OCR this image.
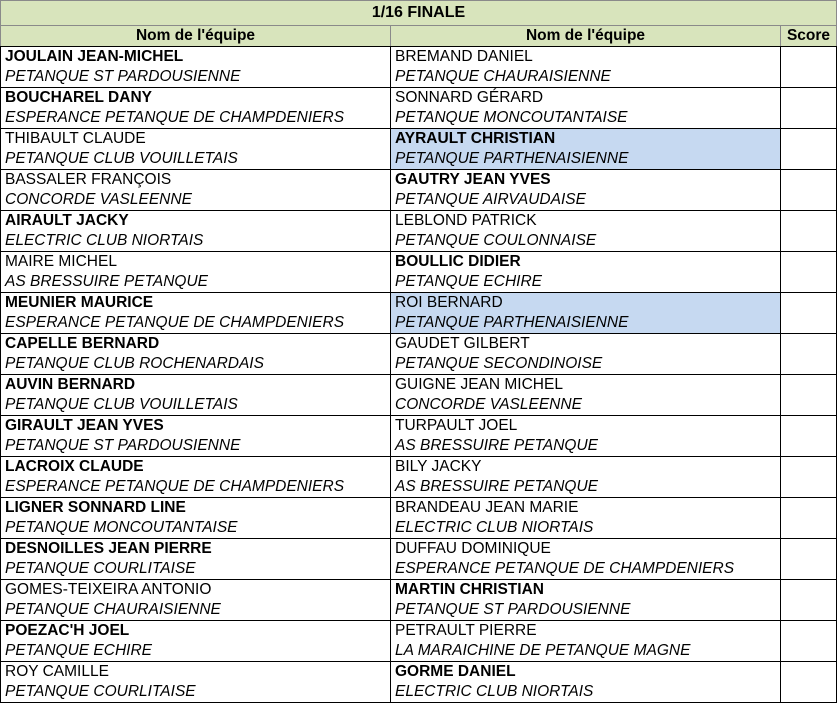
1/16 FINALE		
Nom de l'équipe	Nom de l'équipe	Score
JOULAIN JEAN-MICHEL	BREMAND DANIEL	
PETANQUE ST PARDOUSIENNE	PETANQUE CHAURAISIENNE	
BOUCHAREL DANY	SONNARD GÉRARD	
ESPERANCE PETANQUE DE CHAMPDENIERS	PETANQUE MONCOUTANTAISE	
THIBAULT CLAUDE	AYRAULT CHRISTIAN	
PETANQUE CLUB VOUILLETAIS	PETANQUE PARTHENAISIENNE	
BASSALER FRANÇOIS	GAUTRY JEAN YVES	
CONCORDE VASLEENNE	PETANQUE AIRVAUDAISE	
AIRAULT JACKY	LEBLOND PATRICK	
ELECTRIC CLUB NIORTAIS	PETANQUE COULONNAISE	
MAIRE MICHEL	BOULLIC DIDIER	
AS BRESSUIRE PETANQUE	PETANQUE ECHIRE	
MEUNIER MAURICE	ROI BERNARD	
ESPERANCE PETANQUE DE CHAMPDENIERS	PETANQUE PARTHENAISIENNE	
CAPELLE BERNARD	GAUDET GILBERT	
PETANQUE CLUB ROCHENARDAIS	PETANQUE SECONDINOISE	
AUVIN BERNARD	GUIGNE JEAN MICHEL	
PETANQUE CLUB VOUILLETAIS	CONCORDE VASLEENNE	
GIRAULT JEAN YVES	TURPAULT JOEL	
PETANQUE ST PARDOUSIENNE	AS BRESSUIRE PETANQUE	
LACROIX CLAUDE	BILY JACKY	
ESPERANCE PETANQUE DE CHAMPDENIERS	AS BRESSUIRE PETANQUE	
LIGNER SONNARD LINE	BRANDEAU JEAN MARIE	
PETANQUE MONCOUTANTAISE	ELECTRIC CLUB NIORTAIS	
DESNOILLES JEAN PIERRE	DUFFAU DOMINIQUE	
PETANQUE COURLITAISE	ESPERANCE PETANQUE DE CHAMPDENIERS	
GOMES-TEIXEIRA ANTONIO	MARTIN CHRISTIAN	
PETANQUE CHAURAISIENNE	PETANQUE ST PARDOUSIENNE	
POEZAC'H JOEL	PETRAULT PIERRE	
PETANQUE ECHIRE	LA MARAICHINE DE PETANQUE MAGNE	
ROY CAMILLE	GORME DANIEL	
PETANQUE COURLITAISE	ELECTRIC CLUB NIORTAIS	
